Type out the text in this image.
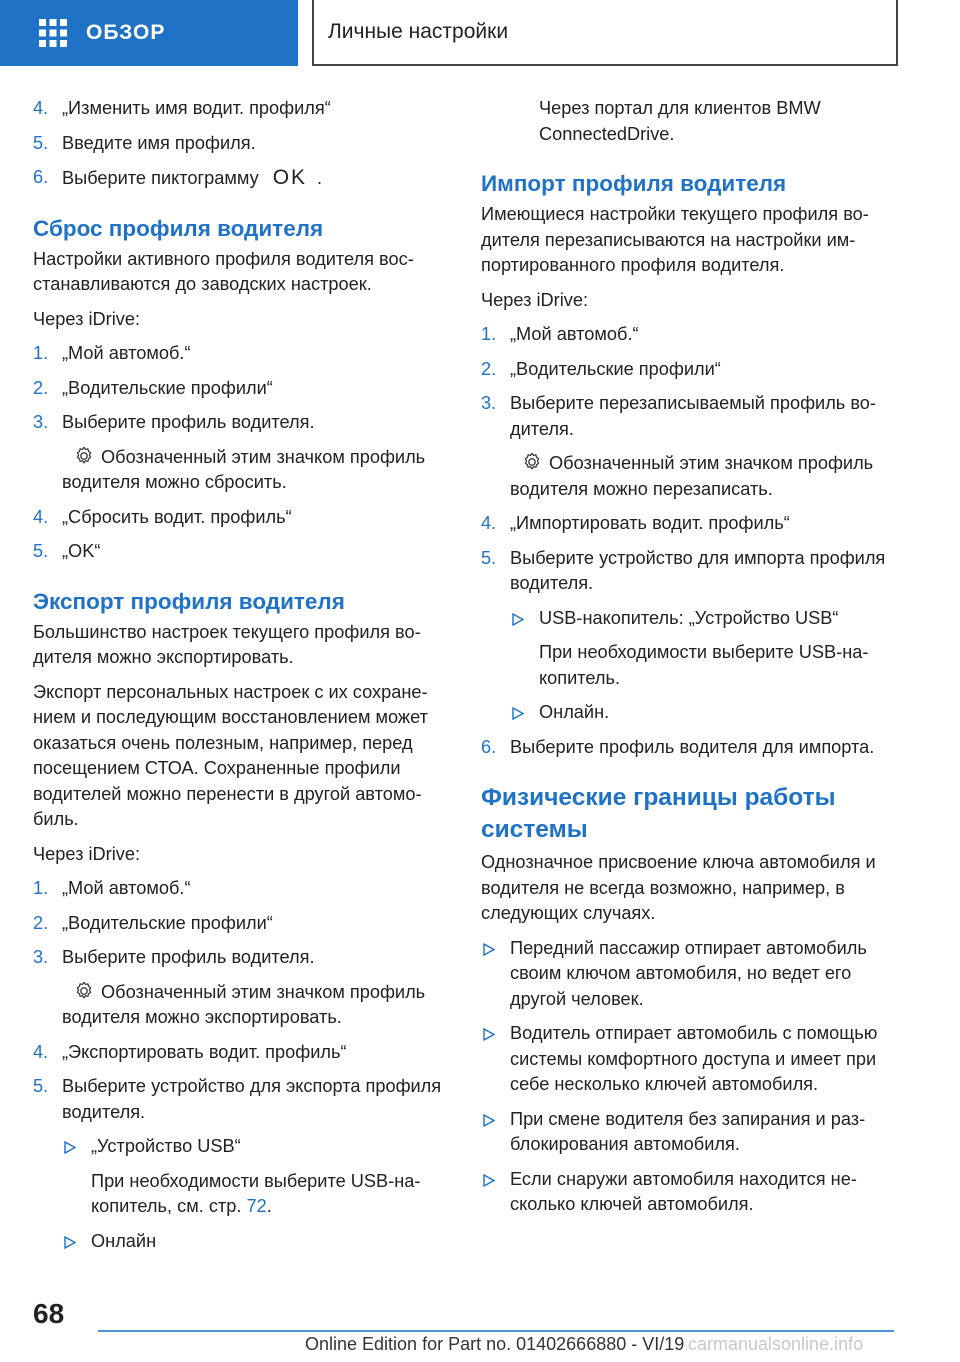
ОБЗОР	Личные настройки
4. „Изменить имя водит. профиля“
5. Введите имя профиля.
6. Выберите пиктограмму OK .
Сброс профиля водителя
Настройки активного профиля водителя восстанавливаются до заводских настроек.
Через iDrive:
1. „Мой автомоб.“
2. „Водительские профили“
3. Выберите профиль водителя.
Обозначенный этим значком профиль водителя можно сбросить.
4. „Сбросить водит. профиль“
5. „OK“
Экспорт профиля водителя
Большинство настроек текущего профиля водителя можно экспортировать.
Экспорт персональных настроек с их сохранением и последующим восстановлением может оказаться очень полезным, например, перед посещением СТОА. Сохраненные профили водителей можно перенести в другой автомобиль.
Через iDrive:
1. „Мой автомоб.“
2. „Водительские профили“
3. Выберите профиль водителя.
Обозначенный этим значком профиль водителя можно экспортировать.
4. „Экспортировать водит. профиль“
5. Выберите устройство для экспорта профиля водителя.
„Устройство USB“
При необходимости выберите USB-накопитель, см. стр. 72.
Онлайн
Через портал для клиентов BMW ConnectedDrive.
Импорт профиля водителя
Имеющиеся настройки текущего профиля водителя перезаписываются на настройки импортированного профиля водителя.
Через iDrive:
1. „Мой автомоб.“
2. „Водительские профили“
3. Выберите перезаписываемый профиль водителя.
Обозначенный этим значком профиль водителя можно перезаписать.
4. „Импортировать водит. профиль“
5. Выберите устройство для импорта профиля водителя.
USB-накопитель: „Устройство USB“
При необходимости выберите USB-накопитель.
Онлайн.
6. Выберите профиль водителя для импорта.
Физические границы работы системы
Однозначное присвоение ключа автомобиля и водителя не всегда возможно, например, в следующих случаях.
Передний пассажир отпирает автомобиль своим ключом автомобиля, но ведет его другой человек.
Водитель отпирает автомобиль с помощью системы комфортного доступа и имеет при себе несколько ключей автомобиля.
При смене водителя без запирания и разблокирования автомобиля.
Если снаружи автомобиля находится несколько ключей автомобиля.
68
Online Edition for Part no. 01402666880 - VI/19 carmanualsonline.info
